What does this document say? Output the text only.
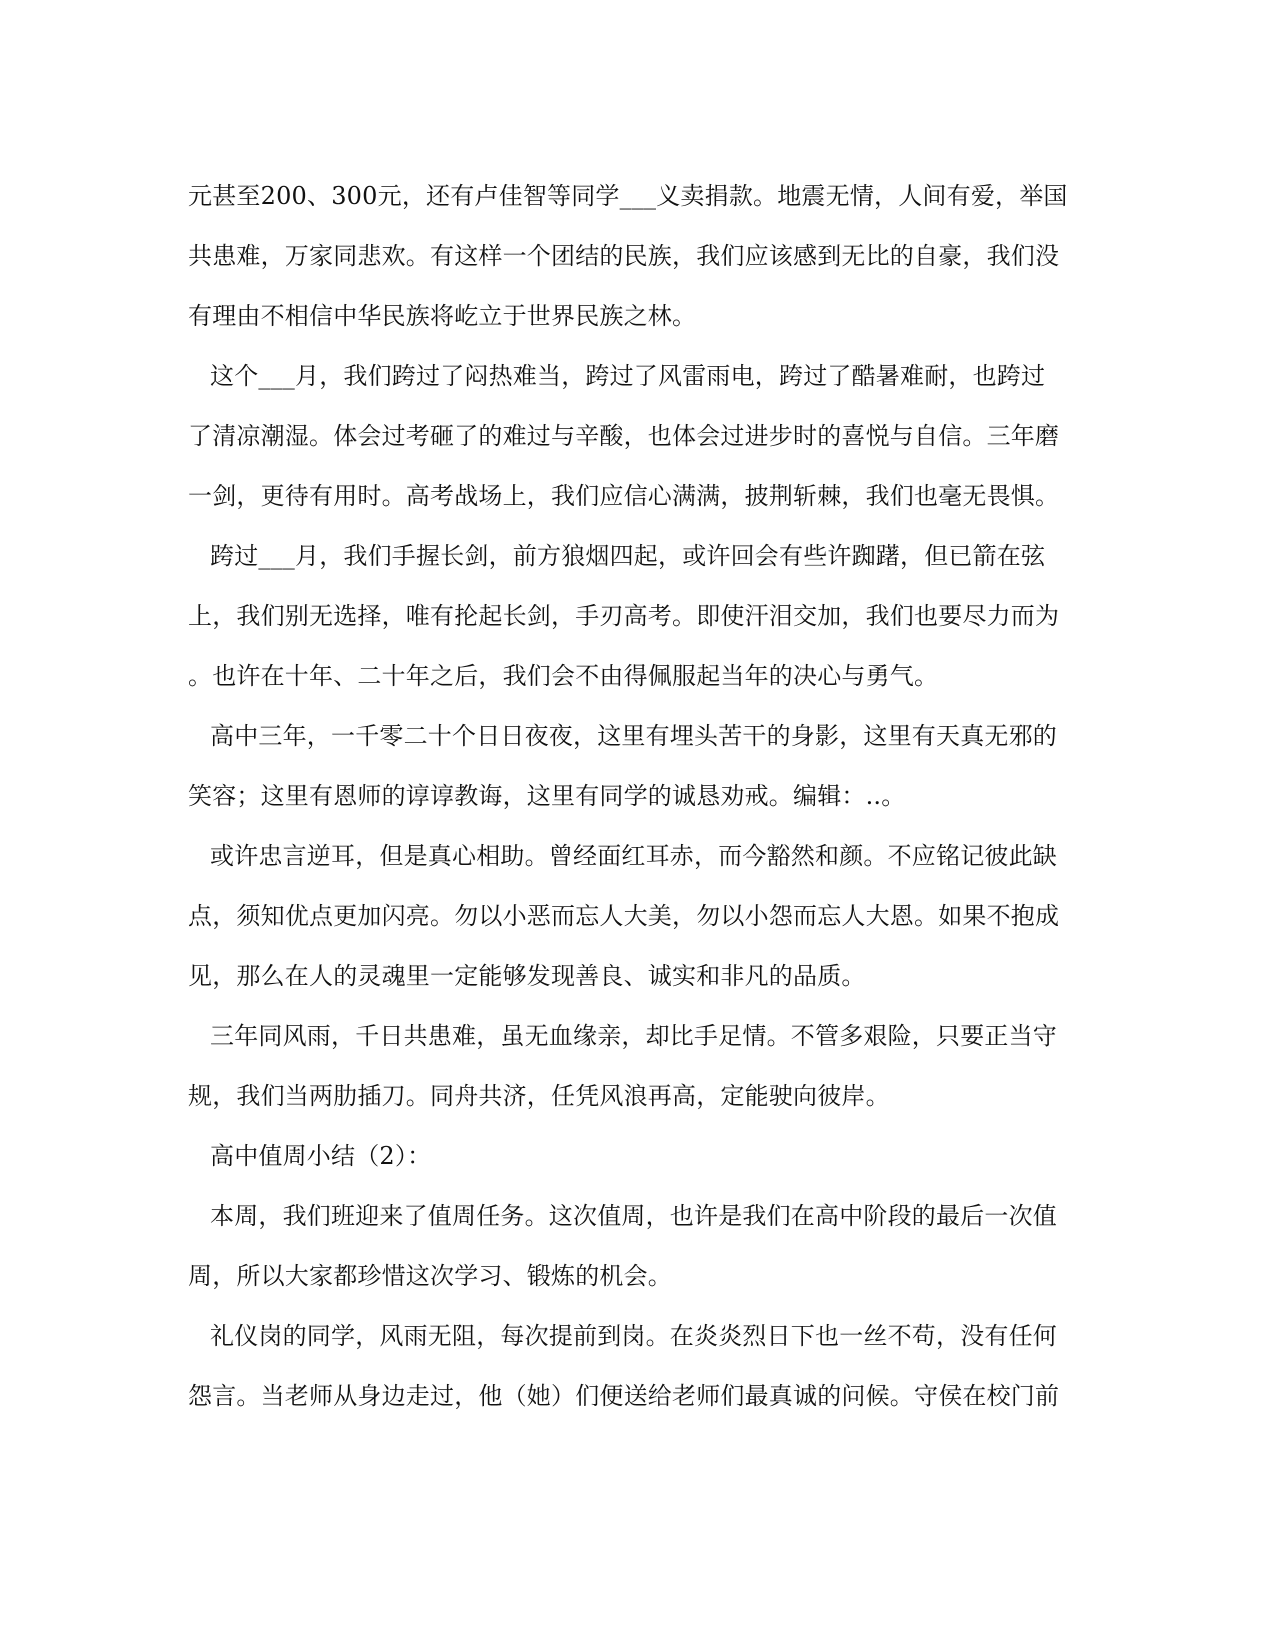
元甚至200、300元，还有卢佳智等同学___义卖捐款。地震无情，人间有爱，举国
共患难，万家同悲欢。有这样一个团结的民族，我们应该感到无比的自豪，我们没
有理由不相信中华民族将屹立于世界民族之林。
这个___月，我们跨过了闷热难当，跨过了风雷雨电，跨过了酷暑难耐，也跨过
了清凉潮湿。体会过考砸了的难过与辛酸，也体会过进步时的喜悦与自信。三年磨
一剑，更待有用时。高考战场上，我们应信心满满，披荆斩棘，我们也毫无畏惧。
跨过___月，我们手握长剑，前方狼烟四起，或许回会有些许踟躇，但已箭在弦
上，我们别无选择，唯有抡起长剑，手刃高考。即使汗泪交加，我们也要尽力而为
。也许在十年、二十年之后，我们会不由得佩服起当年的决心与勇气。
高中三年，一千零二十个日日夜夜，这里有埋头苦干的身影，这里有天真无邪的
笑容；这里有恩师的谆谆教诲，这里有同学的诚恳劝戒。编辑：..。
或许忠言逆耳，但是真心相助。曾经面红耳赤，而今豁然和颜。不应铭记彼此缺
点，须知优点更加闪亮。勿以小恶而忘人大美，勿以小怨而忘人大恩。如果不抱成
见，那么在人的灵魂里一定能够发现善良、诚实和非凡的品质。
三年同风雨，千日共患难，虽无血缘亲，却比手足情。不管多艰险，只要正当守
规，我们当两肋插刀。同舟共济，任凭风浪再高，定能驶向彼岸。
高中值周小结（2）：
本周，我们班迎来了值周任务。这次值周，也许是我们在高中阶段的最后一次值
周，所以大家都珍惜这次学习、锻炼的机会。
礼仪岗的同学，风雨无阻，每次提前到岗。在炎炎烈日下也一丝不苟，没有任何
怨言。当老师从身边走过，他（她）们便送给老师们最真诚的问候。守侯在校门前
